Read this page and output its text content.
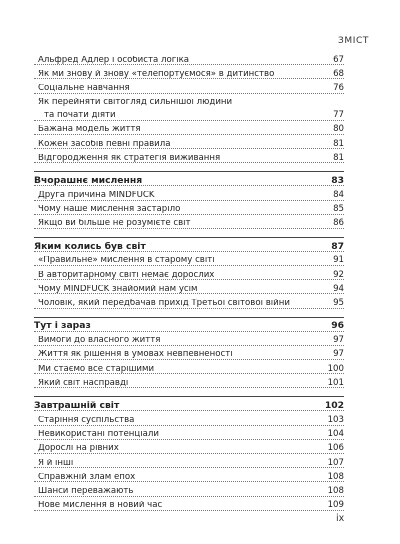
ЗМІСТ
Альфред Адлер і особиста логіка	67
Як ми знову й знову «телепортуємося» в дитинство	68
Соціальне навчання	76
Як перейняти світогляд сильнішої людини
та почати діяти	77
Бажана модель життя	80
Кожен засобів певні правила	81
Відгородження як стратегія виживання	81
Вчорашнє мислення	83
Друга причина MINDFUCK	84
Чому наше мислення застаріло	85
Якщо ви більше не розумієте світ	86
Яким колись був світ	87
«Правильне» мислення в старому світі	91
В авторитарному світі немає дорослих	92
Чому MINDFUCK знайомий нам усім	94
Чоловік, який передбачав прихід Третьої світової війни	95
Тут і зараз	96
Вимоги до власного життя	97
Життя як рішення в умовах невпевненості	97
Ми стаємо все старішими	100
Який світ насправді	101
Завтрашній світ	102
Старіння суспільства	103
Невикористані потенціали	104
Дорослі на рівних	106
Я й інші	107
Справжній злам епох	108
Шанси переважають	108
Нове мислення в новий час	109
ix
